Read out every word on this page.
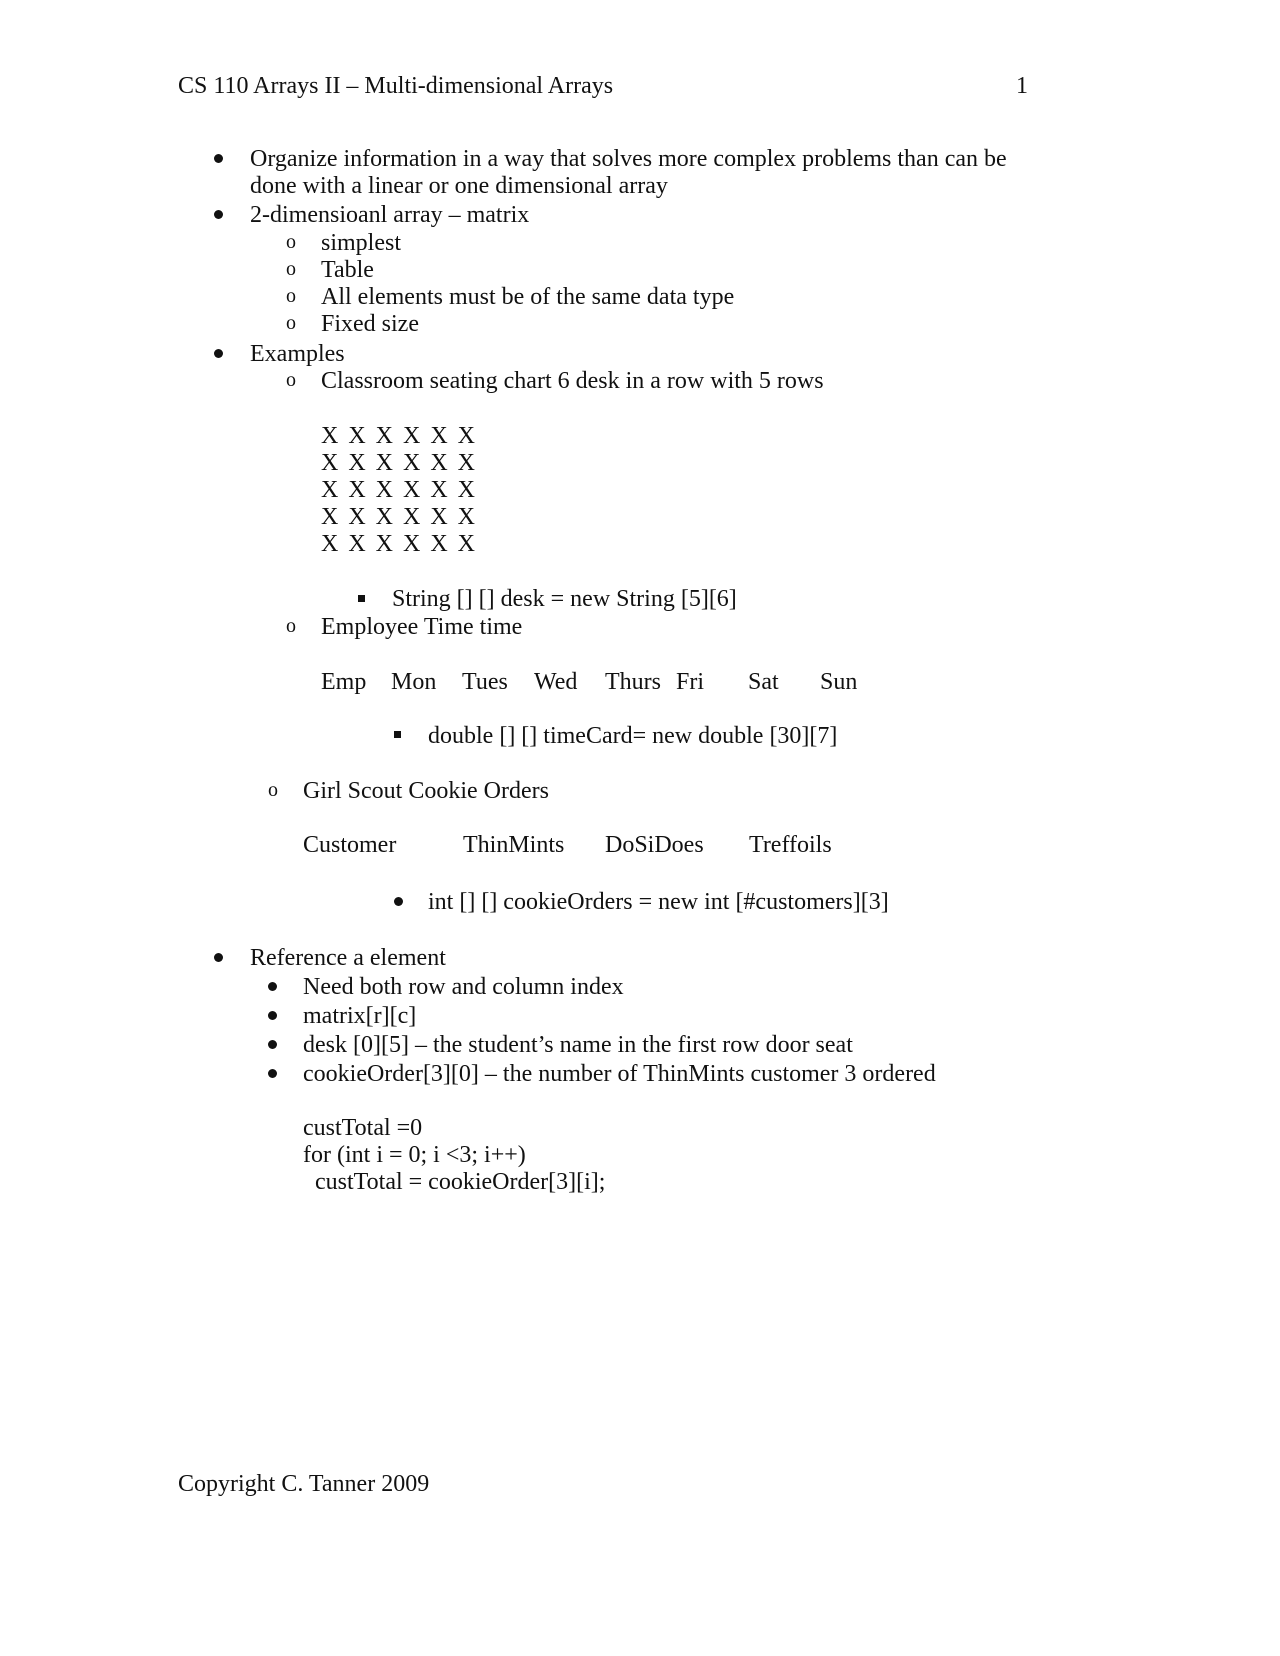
CS 110 Arrays II – Multi-dimensional Arrays	1
Organize information in a way that solves more complex problems than can be
done with a linear or one dimensional array
2-dimensioanl array – matrix
o simplest
o Table
o All elements must be of the same data type
o Fixed size
Examples
o Classroom seating chart 6 desk in a row with 5 rows
X X X X X X
X X X X X X
X X X X X X
X X X X X X
X X X X X X
String [] [] desk = new String [5][6]
o Employee Time time
Emp Mon Tues Wed Thurs Fri Sat Sun
double [] [] timeCard= new double [30][7]
o Girl Scout Cookie Orders
Customer	ThinMints DoSiDoes Treffoils
int [] [] cookieOrders = new int [#customers][3]
Reference a element
Need both row and column index
matrix[r][c]
desk [0][5] – the student’s name in the first row door seat
cookieOrder[3][0] – the number of ThinMints customer 3 ordered
custTotal =0
for (int i = 0; i <3; i++)
custTotal = cookieOrder[3][i];
Copyright C. Tanner 2009
